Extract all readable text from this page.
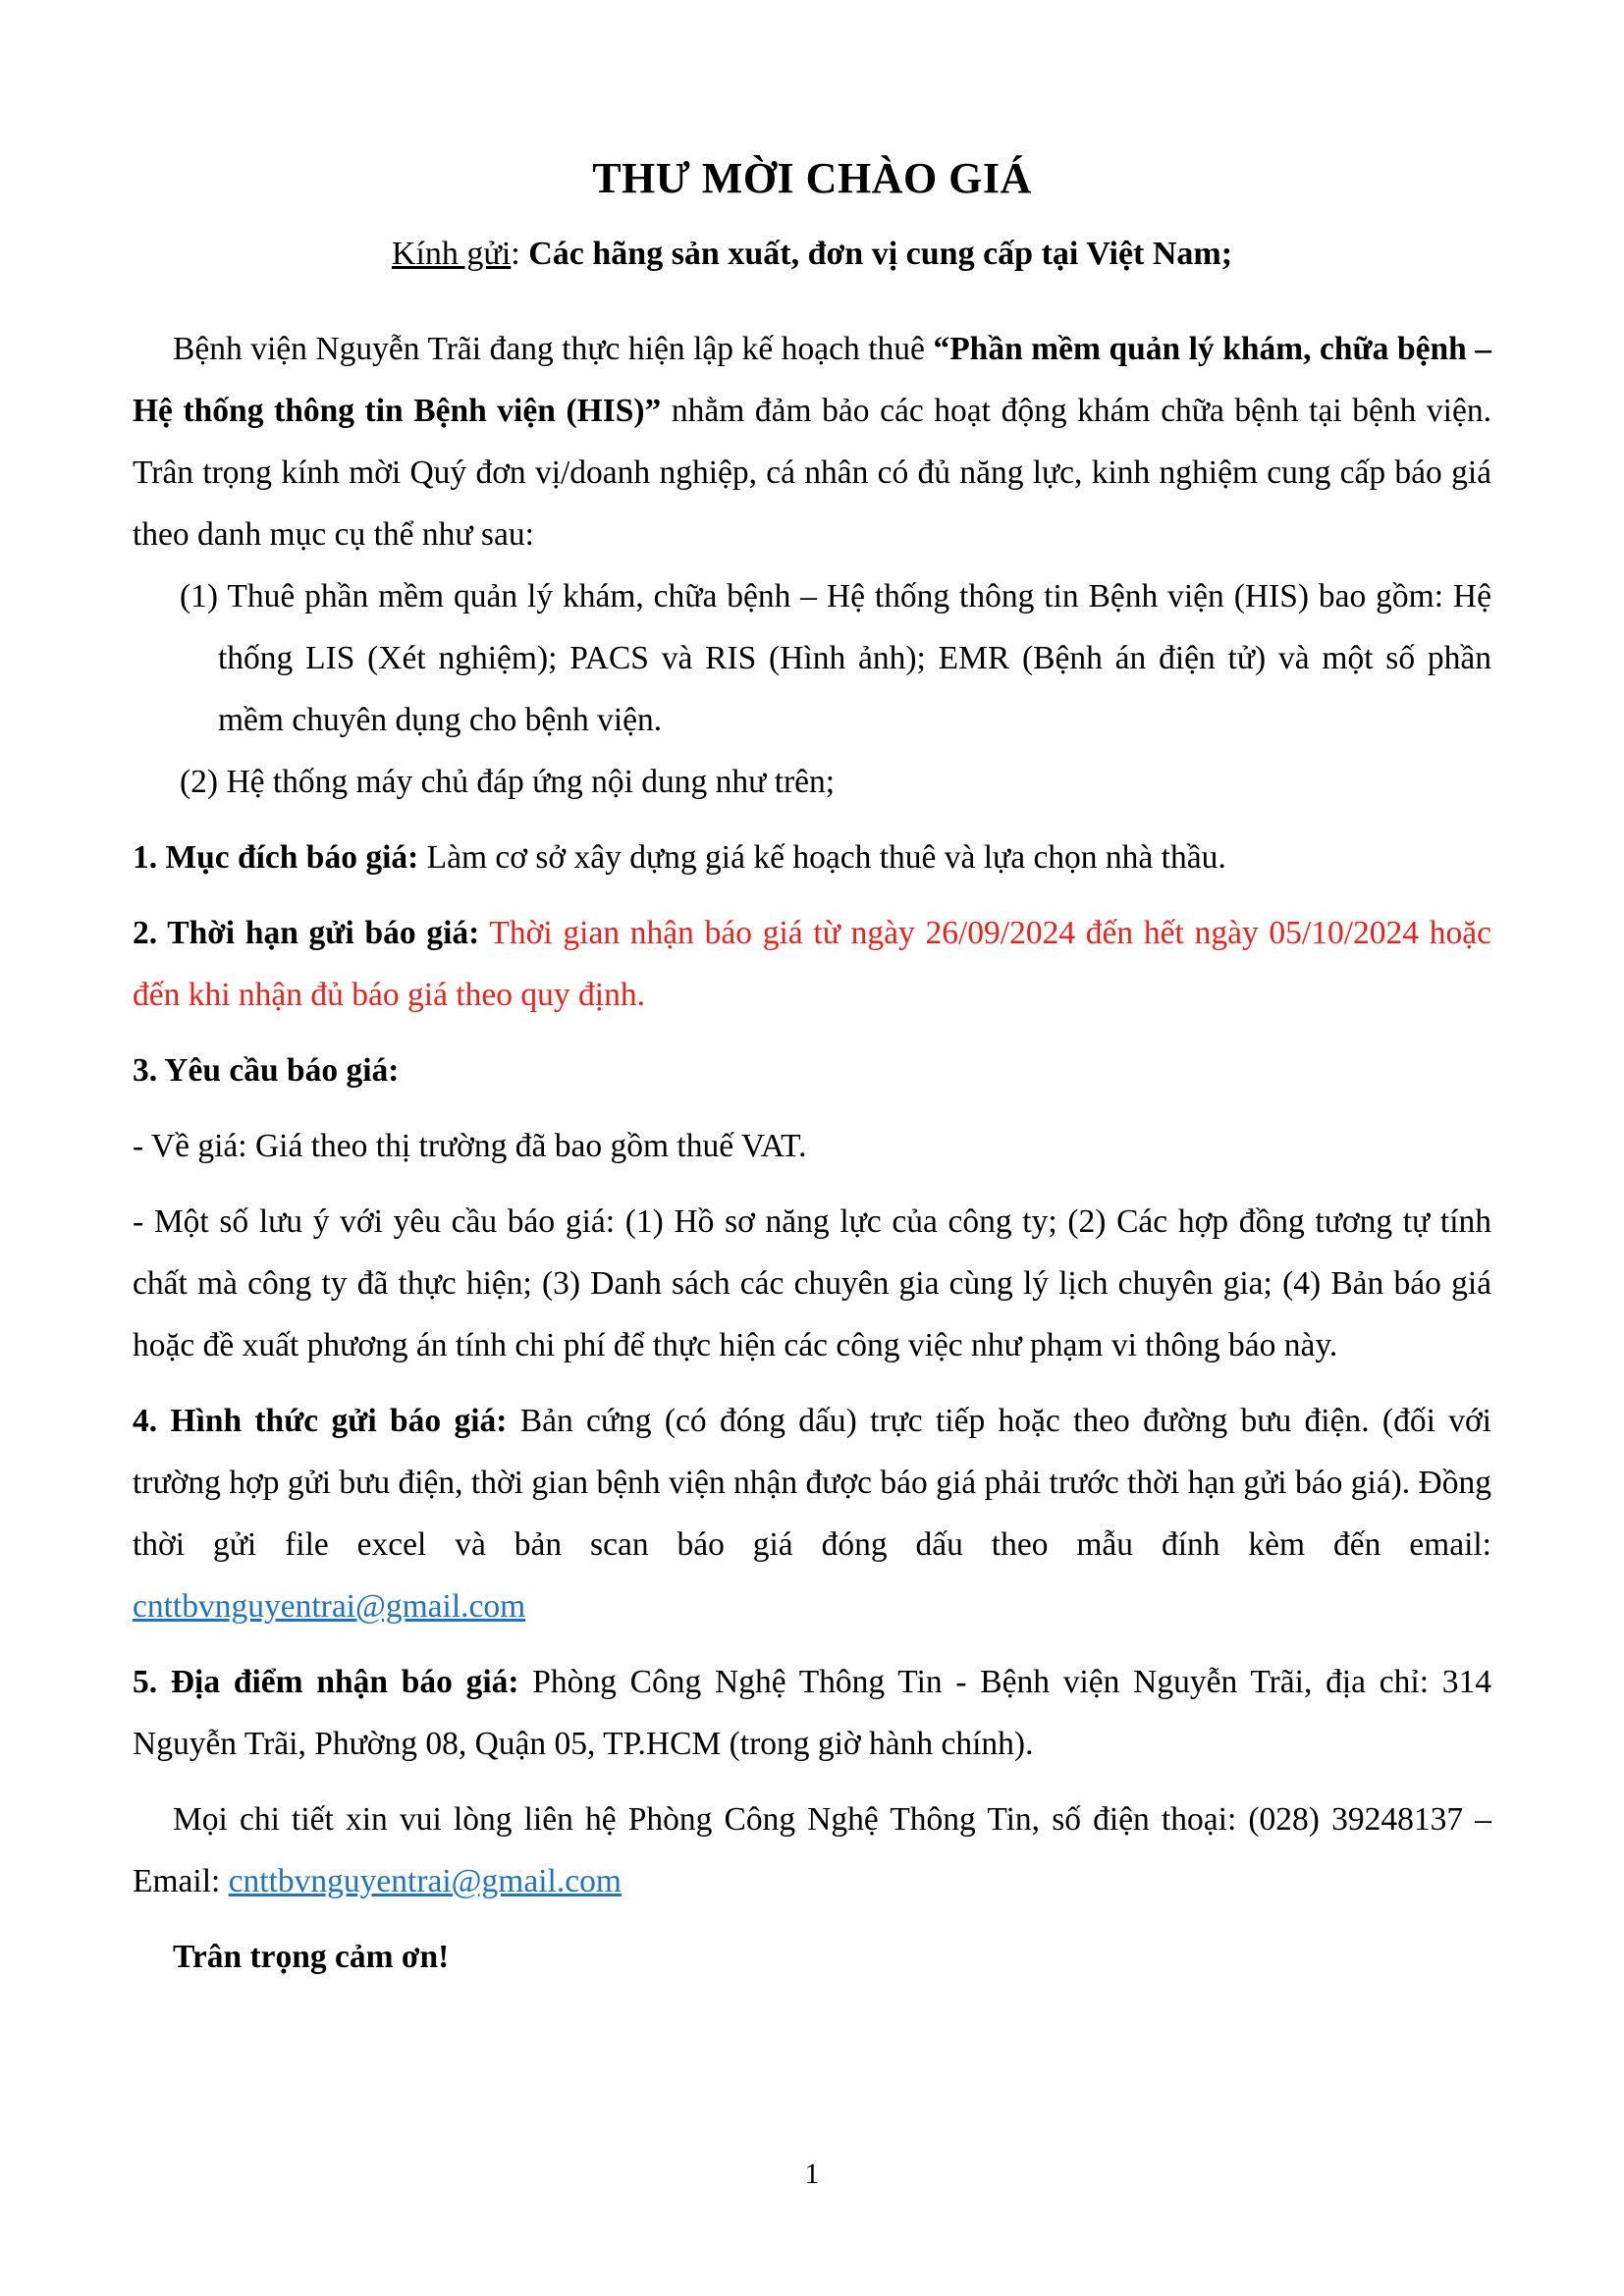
THƯ MỜI CHÀO GIÁ

Kính gửi: Các hãng sản xuất, đơn vị cung cấp tại Việt Nam;

Bệnh viện Nguyễn Trãi đang thực hiện lập kế hoạch thuê “Phần mềm quản lý khám, chữa bệnh – Hệ thống thông tin Bệnh viện (HIS)” nhằm đảm bảo các hoạt động khám chữa bệnh tại bệnh viện. Trân trọng kính mời Quý đơn vị/doanh nghiệp, cá nhân có đủ năng lực, kinh nghiệm cung cấp báo giá theo danh mục cụ thể như sau:

(1) Thuê phần mềm quản lý khám, chữa bệnh – Hệ thống thông tin Bệnh viện (HIS) bao gồm: Hệ thống LIS (Xét nghiệm); PACS và RIS (Hình ảnh); EMR (Bệnh án điện tử) và một số phần mềm chuyên dụng cho bệnh viện.

(2) Hệ thống máy chủ đáp ứng nội dung như trên;

1. Mục đích báo giá: Làm cơ sở xây dựng giá kế hoạch thuê và lựa chọn nhà thầu.

2. Thời hạn gửi báo giá: Thời gian nhận báo giá từ ngày 26/09/2024 đến hết ngày 05/10/2024 hoặc đến khi nhận đủ báo giá theo quy định.

3. Yêu cầu báo giá:

- Về giá: Giá theo thị trường đã bao gồm thuế VAT.

- Một số lưu ý với yêu cầu báo giá: (1) Hồ sơ năng lực của công ty; (2) Các hợp đồng tương tự tính chất mà công ty đã thực hiện; (3) Danh sách các chuyên gia cùng lý lịch chuyên gia; (4) Bản báo giá hoặc đề xuất phương án tính chi phí để thực hiện các công việc như phạm vi thông báo này.

4. Hình thức gửi báo giá: Bản cứng (có đóng dấu) trực tiếp hoặc theo đường bưu điện. (đối với trường hợp gửi bưu điện, thời gian bệnh viện nhận được báo giá phải trước thời hạn gửi báo giá). Đồng thời gửi file excel và bản scan báo giá đóng dấu theo mẫu đính kèm đến email: cnttbvnguyentrai@gmail.com

5. Địa điểm nhận báo giá: Phòng Công Nghệ Thông Tin - Bệnh viện Nguyễn Trãi, địa chỉ: 314 Nguyễn Trãi, Phường 08, Quận 05, TP.HCM (trong giờ hành chính).

Mọi chi tiết xin vui lòng liên hệ Phòng Công Nghệ Thông Tin, số điện thoại: (028) 39248137 – Email: cnttbvnguyentrai@gmail.com

Trân trọng cảm ơn!

1
